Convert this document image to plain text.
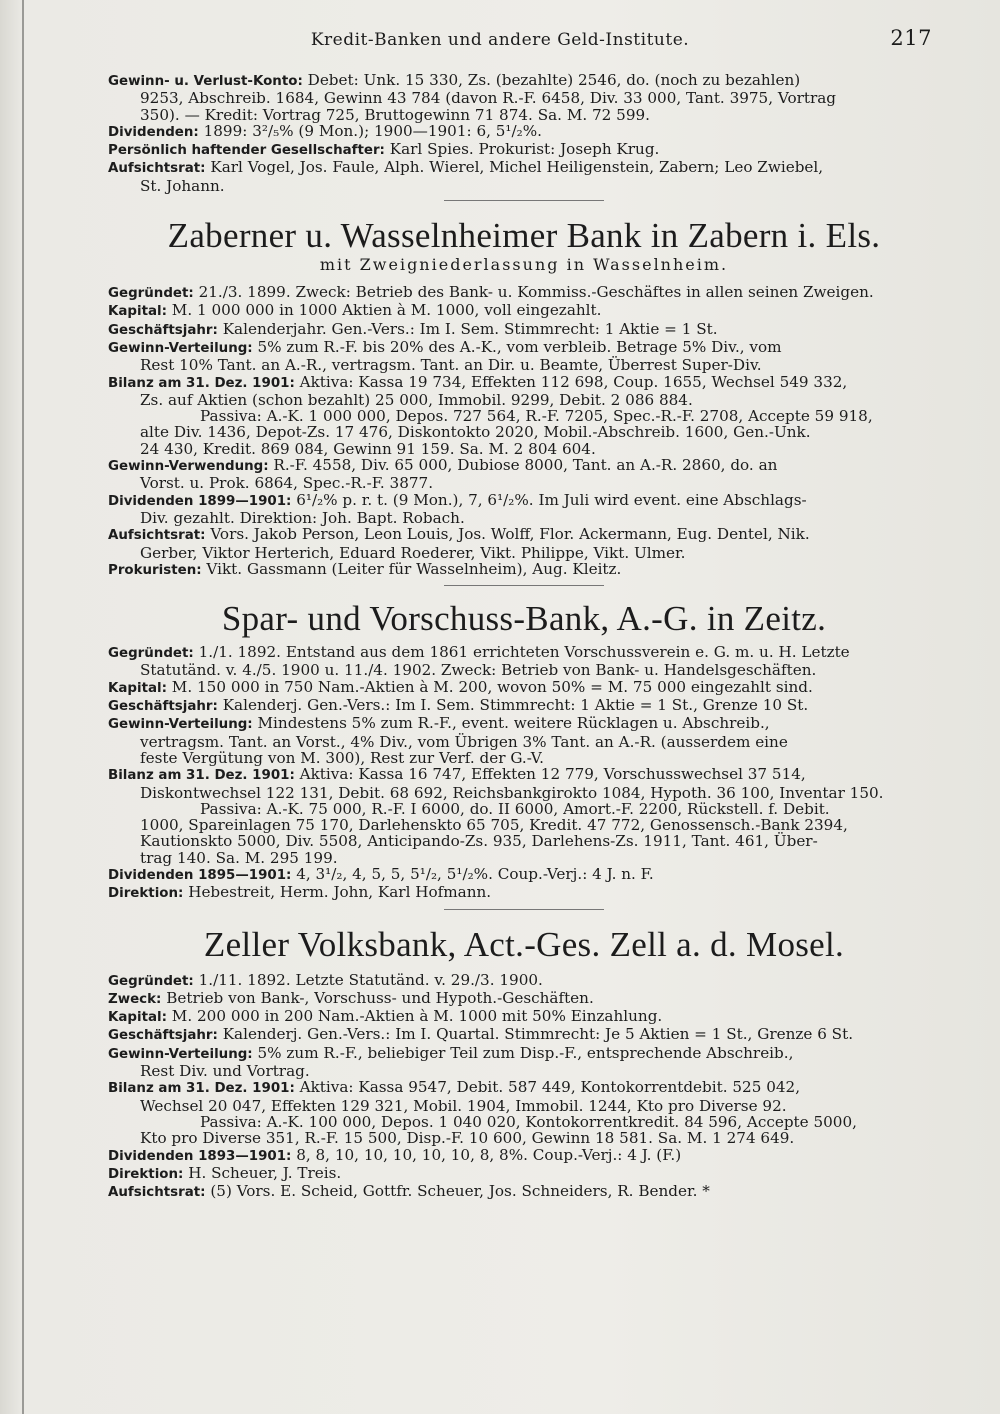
Kredit-Banken und andere Geld-Institute.	217

Gewinn- u. Verlust-Konto: Debet: Unk. 15 330, Zs. (bezahlte) 2546, do. (noch zu bezahlen)

9253, Abschreib. 1684, Gewinn 43 784 (davon R.-F. 6458, Div. 33 000, Tant. 3975, Vortrag

350). — Kredit: Vortrag 725, Bruttogewinn 71 874. Sa. M. 72 599.

Dividenden: 1899: 3²/₅% (9 Mon.); 1900—1901: 6, 5¹/₂%.

Persönlich haftender Gesellschafter: Karl Spies. Prokurist: Joseph Krug.

Aufsichtsrat: Karl Vogel, Jos. Faule, Alph. Wierel, Michel Heiligenstein, Zabern; Leo Zwiebel,

St. Johann.

Zaberner u. Wasselnheimer Bank in Zabern i. Els.
mit Zweigniederlassung in Wasselnheim.

Gegründet: 21./3. 1899. Zweck: Betrieb des Bank- u. Kommiss.-Geschäftes in allen seinen Zweigen.

Kapital: M. 1 000 000 in 1000 Aktien à M. 1000, voll eingezahlt.

Geschäftsjahr: Kalenderjahr. Gen.-Vers.: Im I. Sem. Stimmrecht: 1 Aktie = 1 St.

Gewinn-Verteilung: 5% zum R.-F. bis 20% des A.-K., vom verbleib. Betrage 5% Div., vom

Rest 10% Tant. an A.-R., vertragsm. Tant. an Dir. u. Beamte, Überrest Super-Div.

Bilanz am 31. Dez. 1901: Aktiva: Kassa 19 734, Effekten 112 698, Coup. 1655, Wechsel 549 332,

Zs. auf Aktien (schon bezahlt) 25 000, Immobil. 9299, Debit. 2 086 884.

Passiva: A.-K. 1 000 000, Depos. 727 564, R.-F. 7205, Spec.-R.-F. 2708, Accepte 59 918,

alte Div. 1436, Depot-Zs. 17 476, Diskontokto 2020, Mobil.-Abschreib. 1600, Gen.-Unk.

24 430, Kredit. 869 084, Gewinn 91 159. Sa. M. 2 804 604.

Gewinn-Verwendung: R.-F. 4558, Div. 65 000, Dubiose 8000, Tant. an A.-R. 2860, do. an

Vorst. u. Prok. 6864, Spec.-R.-F. 3877.

Dividenden 1899—1901: 6¹/₂% p. r. t. (9 Mon.), 7, 6¹/₂%. Im Juli wird event. eine Abschlags-

Div. gezahlt. Direktion: Joh. Bapt. Robach.

Aufsichtsrat: Vors. Jakob Person, Leon Louis, Jos. Wolff, Flor. Ackermann, Eug. Dentel, Nik.

Gerber, Viktor Herterich, Eduard Roederer, Vikt. Philippe, Vikt. Ulmer.

Prokuristen: Vikt. Gassmann (Leiter für Wasselnheim), Aug. Kleitz.

Spar- und Vorschuss-Bank, A.-G. in Zeitz.

Gegründet: 1./1. 1892. Entstand aus dem 1861 errichteten Vorschussverein e. G. m. u. H. Letzte

Statutänd. v. 4./5. 1900 u. 11./4. 1902. Zweck: Betrieb von Bank- u. Handelsgeschäften.

Kapital: M. 150 000 in 750 Nam.-Aktien à M. 200, wovon 50% = M. 75 000 eingezahlt sind.

Geschäftsjahr: Kalenderj. Gen.-Vers.: Im I. Sem. Stimmrecht: 1 Aktie = 1 St., Grenze 10 St.

Gewinn-Verteilung: Mindestens 5% zum R.-F., event. weitere Rücklagen u. Abschreib.,

vertragsm. Tant. an Vorst., 4% Div., vom Übrigen 3% Tant. an A.-R. (ausserdem eine

feste Vergütung von M. 300), Rest zur Verf. der G.-V.

Bilanz am 31. Dez. 1901: Aktiva: Kassa 16 747, Effekten 12 779, Vorschusswechsel 37 514,

Diskontwechsel 122 131, Debit. 68 692, Reichsbankgirokto 1084, Hypoth. 36 100, Inventar 150.

Passiva: A.-K. 75 000, R.-F. I 6000, do. II 6000, Amort.-F. 2200, Rückstell. f. Debit.

1000, Spareinlagen 75 170, Darlehenskto 65 705, Kredit. 47 772, Genossensch.-Bank 2394,

Kautionskto 5000, Div. 5508, Anticipando-Zs. 935, Darlehens-Zs. 1911, Tant. 461, Über-

trag 140. Sa. M. 295 199.

Dividenden 1895—1901: 4, 3¹/₂, 4, 5, 5, 5¹/₂, 5¹/₂%. Coup.-Verj.: 4 J. n. F.

Direktion: Hebestreit, Herm. John, Karl Hofmann.

Zeller Volksbank, Act.-Ges. Zell a. d. Mosel.

Gegründet: 1./11. 1892. Letzte Statutänd. v. 29./3. 1900.

Zweck: Betrieb von Bank-, Vorschuss- und Hypoth.-Geschäften.

Kapital: M. 200 000 in 200 Nam.-Aktien à M. 1000 mit 50% Einzahlung.

Geschäftsjahr: Kalenderj. Gen.-Vers.: Im I. Quartal. Stimmrecht: Je 5 Aktien = 1 St., Grenze 6 St.

Gewinn-Verteilung: 5% zum R.-F., beliebiger Teil zum Disp.-F., entsprechende Abschreib.,

Rest Div. und Vortrag.

Bilanz am 31. Dez. 1901: Aktiva: Kassa 9547, Debit. 587 449, Kontokorrentdebit. 525 042,

Wechsel 20 047, Effekten 129 321, Mobil. 1904, Immobil. 1244, Kto pro Diverse 92.

Passiva: A.-K. 100 000, Depos. 1 040 020, Kontokorrentkredit. 84 596, Accepte 5000,

Kto pro Diverse 351, R.-F. 15 500, Disp.-F. 10 600, Gewinn 18 581. Sa. M. 1 274 649.

Dividenden 1893—1901: 8, 8, 10, 10, 10, 10, 10, 8, 8%. Coup.-Verj.: 4 J. (F.)

Direktion: H. Scheuer, J. Treis.

Aufsichtsrat: (5) Vors. E. Scheid, Gottfr. Scheuer, Jos. Schneiders, R. Bender. *
